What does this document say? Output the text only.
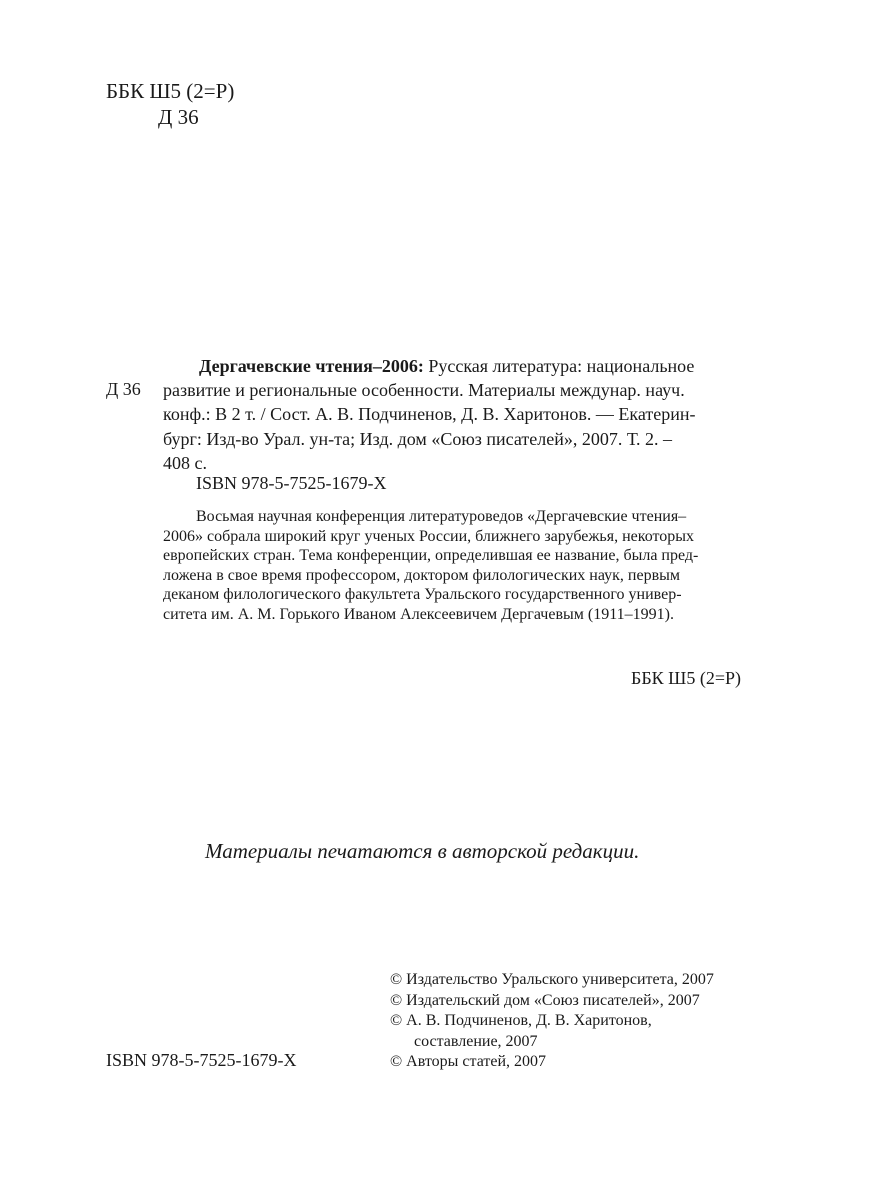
ББК Ш5 (2=Р)
Д 36
Д 36
Дергачевские чтения–2006: Русская литература: национальное
развитие и региональные особенности. Материалы междунар. науч.
конф.: В 2 т. / Сост. А. В. Подчиненов, Д. В. Харитонов. — Екатерин-
бург: Изд-во Урал. ун-та; Изд. дом «Союз писателей», 2007. Т. 2. –
408 с.
ISBN 978-5-7525-1679-X
Восьмая научная конференция литературоведов «Дергачевские чтения–
2006» собрала широкий круг ученых России, ближнего зарубежья, некоторых
европейских стран. Тема конференции, определившая ее название, была пред-
ложена в свое время профессором, доктором филологических наук, первым
деканом филологического факультета Уральского государственного универ-
ситета им. А. М. Горького Иваном Алексеевичем Дергачевым (1911–1991).
ББК Ш5 (2=Р)
Материалы печатаются в авторской редакции.
© Издательство Уральского университета, 2007
© Издательский дом «Союз писателей», 2007
© А. В. Подчиненов, Д. В. Харитонов,
составление, 2007
© Авторы статей, 2007
ISBN 978-5-7525-1679-X
